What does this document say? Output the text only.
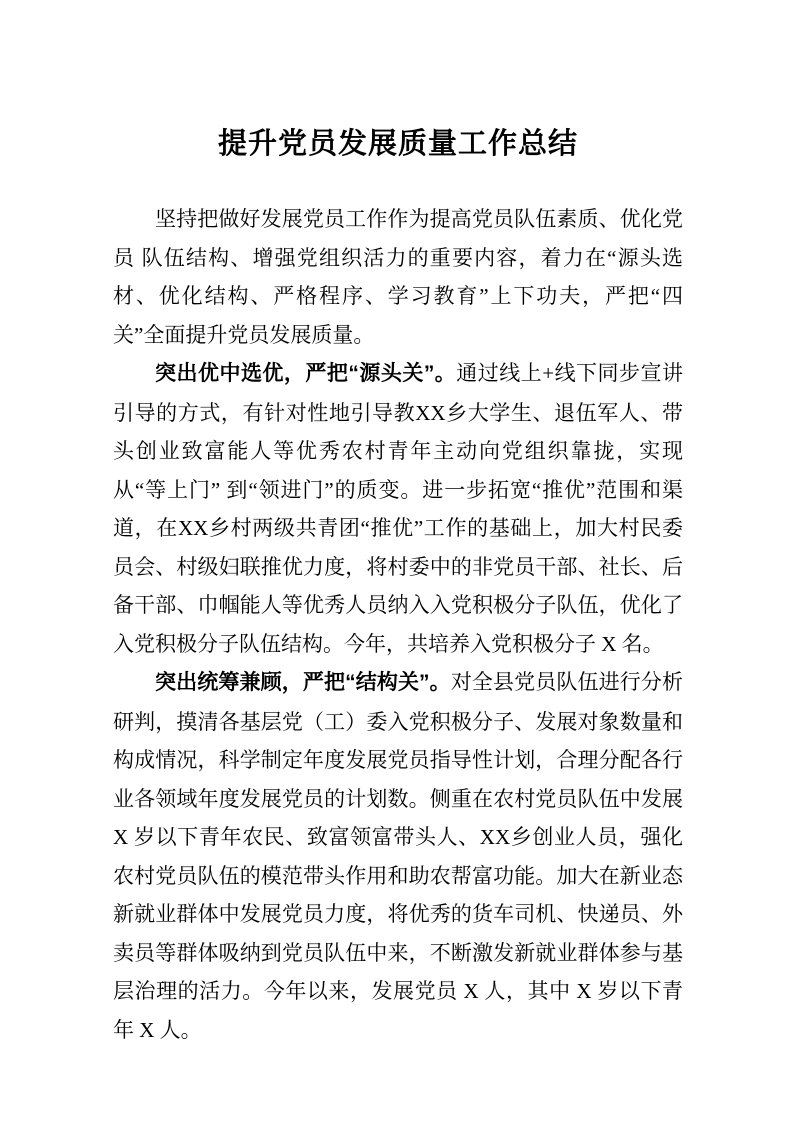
提升党员发展质量工作总结

坚持把做好发展党员工作作为提高党员队伍素质、优化党员 队伍结构、增强党组织活力的重要内容，着力在“源头选材、优化结构、严格程序、学习教育”上下功夫，严把“四关”全面提升党员发展质量。

突出优中选优，严把“源头关”。通过线上+线下同步宣讲引导的方式，有针对性地引导教XX乡大学生、退伍军人、带头创业致富能人等优秀农村青年主动向党组织靠拢，实现从“等上门” 到“领进门”的质变。进一步拓宽“推优”范围和渠道，在XX乡村两级共青团“推优”工作的基础上，加大村民委员会、村级妇联推优力度，将村委中的非党员干部、社长、后备干部、巾帼能人等优秀人员纳入入党积极分子队伍，优化了入党积极分子队伍结构。今年，共培养入党积极分子 X 名。

突出统筹兼顾，严把“结构关”。对全县党员队伍进行分析研判，摸清各基层党（工）委入党积极分子、发展对象数量和构成情况，科学制定年度发展党员指导性计划，合理分配各行业各领域年度发展党员的计划数。侧重在农村党员队伍中发展 X 岁以下青年农民、致富领富带头人、XX乡创业人员，强化农村党员队伍的模范带头作用和助农帮富功能。加大在新业态新就业群体中发展党员力度，将优秀的货车司机、快递员、外卖员等群体吸纳到党员队伍中来，不断激发新就业群体参与基层治理的活力。今年以来，发展党员 X 人，其中 X 岁以下青年 X 人。
